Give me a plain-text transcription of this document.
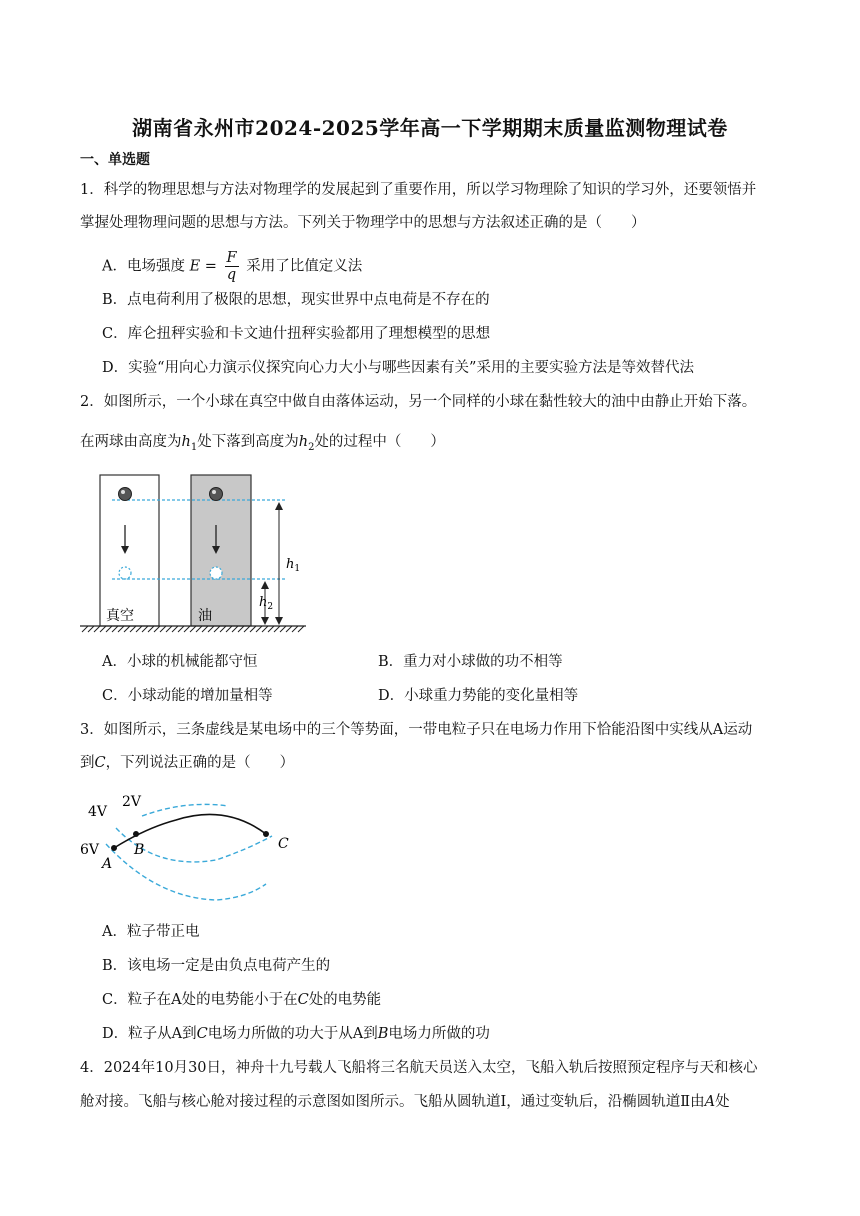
湖南省永州市2024-2025学年高一下学期期末质量监测物理试卷
一、单选题
1．科学的物理思想与方法对物理学的发展起到了重要作用，所以学习物理除了知识的学习外，还要领悟并
掌握处理物理问题的思想与方法。下列关于物理学中的思想与方法叙述正确的是（　　）
A．电场强度 $E = \frac{F}{q}$ 采用了比值定义法
B．点电荷利用了极限的思想，现实世界中点电荷是不存在的
C．库仑扭秤实验和卡文迪什扭秤实验都用了理想模型的思想
D．实验“用向心力演示仪探究向心力大小与哪些因素有关”采用的主要实验方法是等效替代法
2．如图所示，一个小球在真空中做自由落体运动，另一个同样的小球在黏性较大的油中由静止开始下落。
在两球由高度为$h_1$处下落到高度为$h_2$处的过程中（　　）
$h_1$
$h_2$
真空	油
A．小球的机械能都守恒	B．重力对小球做的功不相等
C．小球动能的增加量相等	D．小球重力势能的变化量相等
3．如图所示，三条虚线是某电场中的三个等势面，一带电粒子只在电场力作用下恰能沿图中实线从A运动
到C，下列说法正确的是（　　）
2V
4V
6V
A
B	C
A．粒子带正电
B．该电场一定是由负点电荷产生的
C．粒子在A处的电势能小于在C处的电势能
D．粒子从A到C电场力所做的功大于从A到B电场力所做的功
4．2024年10月30日，神舟十九号载人飞船将三名航天员送入太空，飞船入轨后按照预定程序与天和核心
舱对接。飞船与核心舱对接过程的示意图如图所示。飞船从圆轨道Ⅰ，通过变轨后，沿椭圆轨道Ⅱ由A处
